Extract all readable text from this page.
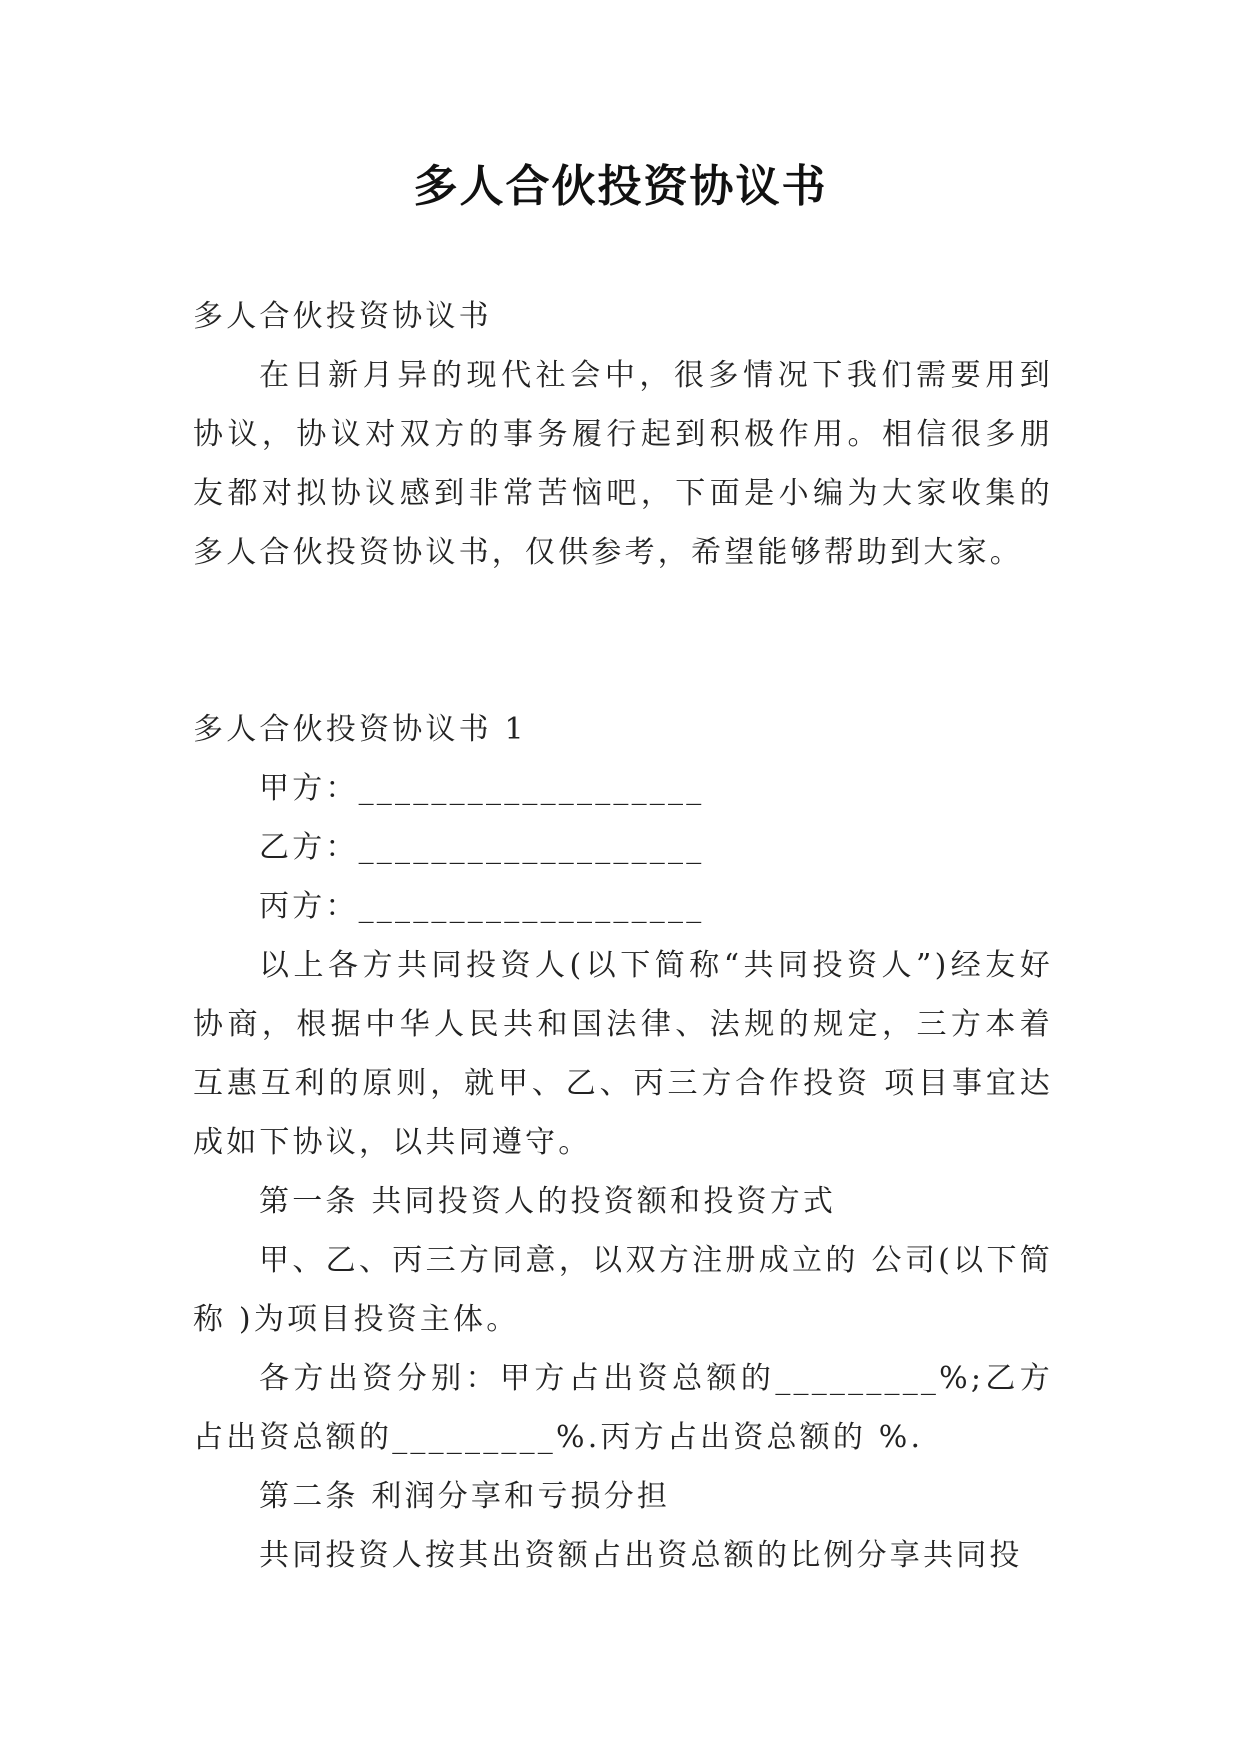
多人合伙投资协议书
多人合伙投资协议书
在日新月异的现代社会中，很多情况下我们需要用到协议，协议对双方的事务履行起到积极作用。相信很多朋友都对拟协议感到非常苦恼吧，下面是小编为大家收集的多人合伙投资协议书，仅供参考，希望能够帮助到大家。
多人合伙投资协议书 1
甲方：___________________
乙方：___________________
丙方：___________________
以上各方共同投资人(以下简称“共同投资人”)经友好协商，根据中华人民共和国法律、法规的规定，三方本着互惠互利的原则，就甲、乙、丙三方合作投资 项目事宜达成如下协议，以共同遵守。
第一条 共同投资人的投资额和投资方式
甲、乙、丙三方同意，以双方注册成立的 公司(以下简称 )为项目投资主体。
各方出资分别：甲方占出资总额的_________%;乙方占出资总额的_________%.丙方占出资总额的 %.
第二条 利润分享和亏损分担
共同投资人按其出资额占出资总额的比例分享共同投
